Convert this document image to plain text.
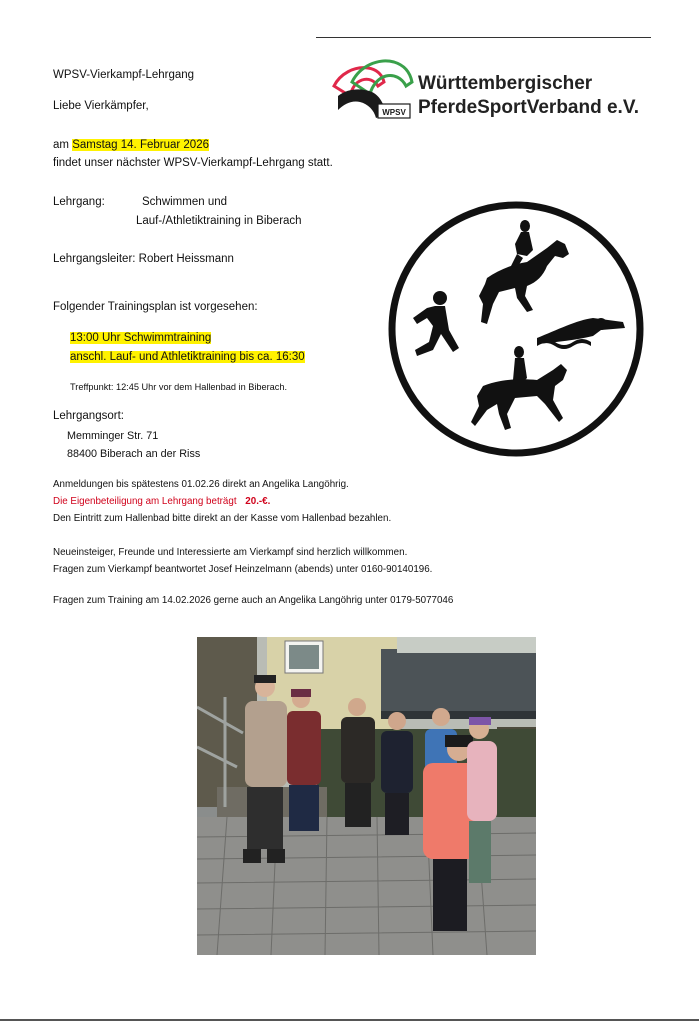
WPSV-Vierkampf-Lehrgang
Liebe Vierkämpfer,
WPSV
Württembergischer
PferdeSportVerband e.V.
am Samstag 14. Februar 2026
findet unser nächster WPSV-Vierkampf-Lehrgang statt.
Lehrgang:	Schwimmen und
Lauf-/Athletiktraining in Biberach
Lehrgangsleiter: Robert Heissmann
Folgender Trainingsplan ist vorgesehen:
13:00 Uhr Schwimmtraining
anschl. Lauf- und Athletiktraining bis ca. 16:30
Treffpunkt: 12:45 Uhr vor dem Hallenbad in Biberach.
Lehrgangsort:
Memminger Str. 71
88400 Biberach an der Riss
Anmeldungen bis spätestens 01.02.26 direkt an Angelika Langöhrig.
Die Eigenbeteiligung am Lehrgang beträgt 20.-€.
Den Eintritt zum Hallenbad bitte direkt an der Kasse vom Hallenbad bezahlen.
Neueinsteiger, Freunde und Interessierte am Vierkampf sind herzlich willkommen.
Fragen zum Vierkampf beantwortet Josef Heinzelmann (abends) unter 0160-90140196.
Fragen zum Training am 14.02.2026 gerne auch an Angelika Langöhrig unter 0179-5077046
